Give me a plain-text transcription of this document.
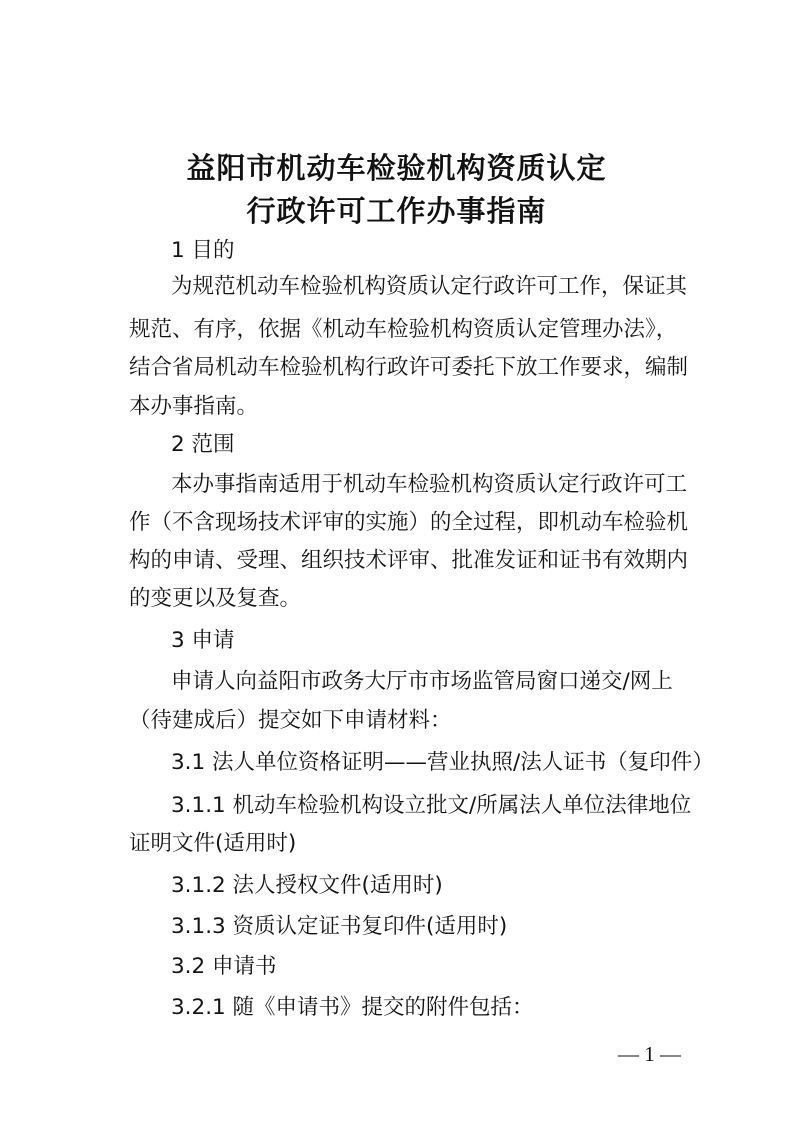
益阳市机动车检验机构资质认定
行政许可工作办事指南
1 目的
为规范机动车检验机构资质认定行政许可工作，保证其
规范、有序，依据《机动车检验机构资质认定管理办法》，
结合省局机动车检验机构行政许可委托下放工作要求，编制
本办事指南。
2 范围
本办事指南适用于机动车检验机构资质认定行政许可工
作（不含现场技术评审的实施）的全过程，即机动车检验机
构的申请、受理、组织技术评审、批准发证和证书有效期内
的变更以及复查。
3 申请
申请人向益阳市政务大厅市市场监管局窗口递交/网上
（待建成后）提交如下申请材料：
3.1 法人单位资格证明——营业执照/法人证书（复印件）
3.1.1 机动车检验机构设立批文/所属法人单位法律地位
证明文件(适用时)
3.1.2 法人授权文件(适用时)
3.1.3 资质认定证书复印件(适用时)
3.2 申请书
3.2.1 随《申请书》提交的附件包括：
— 1 —
